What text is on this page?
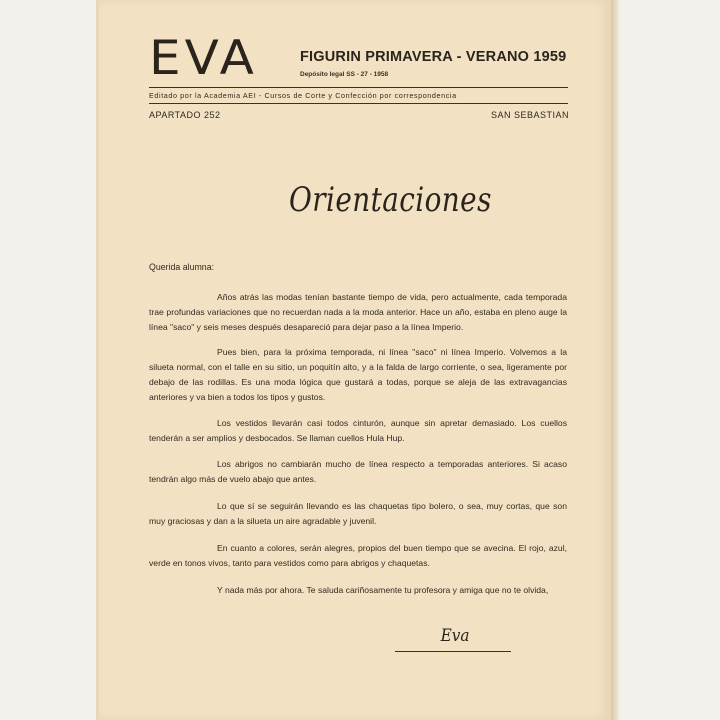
EVA	FIGURIN PRIMAVERA - VERANO 1959
Depósito legal SS - 27 - 1958
Editado por la Academia AEI - Cursos de Corte y Confección por correspondencia
APARTADO 252	SAN SEBASTIAN
Orientaciones
Querida alumna:
Años atrás las modas tenían bastante tiempo de vida, pero actualmente, cada temporada trae profundas variaciones que no recuerdan nada a la moda anterior. Hace un año, estaba en pleno auge la línea "saco" y seis meses después desapareció para dejar paso a la línea Imperio.
Pues bien, para la próxima temporada, ni línea "saco" ni línea Imperio. Volvemos a la silueta normal, con el talle en su sitio, un poquitín alto, y a la falda de largo corriente, o sea, ligeramente por debajo de las rodillas. Es una moda lógica que gustará a todas, porque se aleja de las extravagancias anteriores y va bien a todos los tipos y gustos.
Los vestidos llevarán casi todos cinturón, aunque sin apretar demasiado. Los cuellos tenderán a ser amplios y desbocados. Se llaman cuellos Hula Hup.
Los abrigos no cambiarán mucho de línea respecto a temporadas anteriores. Si acaso tendrán algo más de vuelo abajo que antes.
Lo que sí se seguirán llevando es las chaquetas tipo bolero, o sea, muy cortas, que son muy graciosas y dan a la silueta un aire agradable y juvenil.
En cuanto a colores, serán alegres, propios del buen tiempo que se avecina. El rojo, azul, verde en tonos vivos, tanto para vestidos como para abrigos y chaquetas.
Y nada más por ahora. Te saluda cariñosamente tu profesora y amiga que no te olvida,
Eva
